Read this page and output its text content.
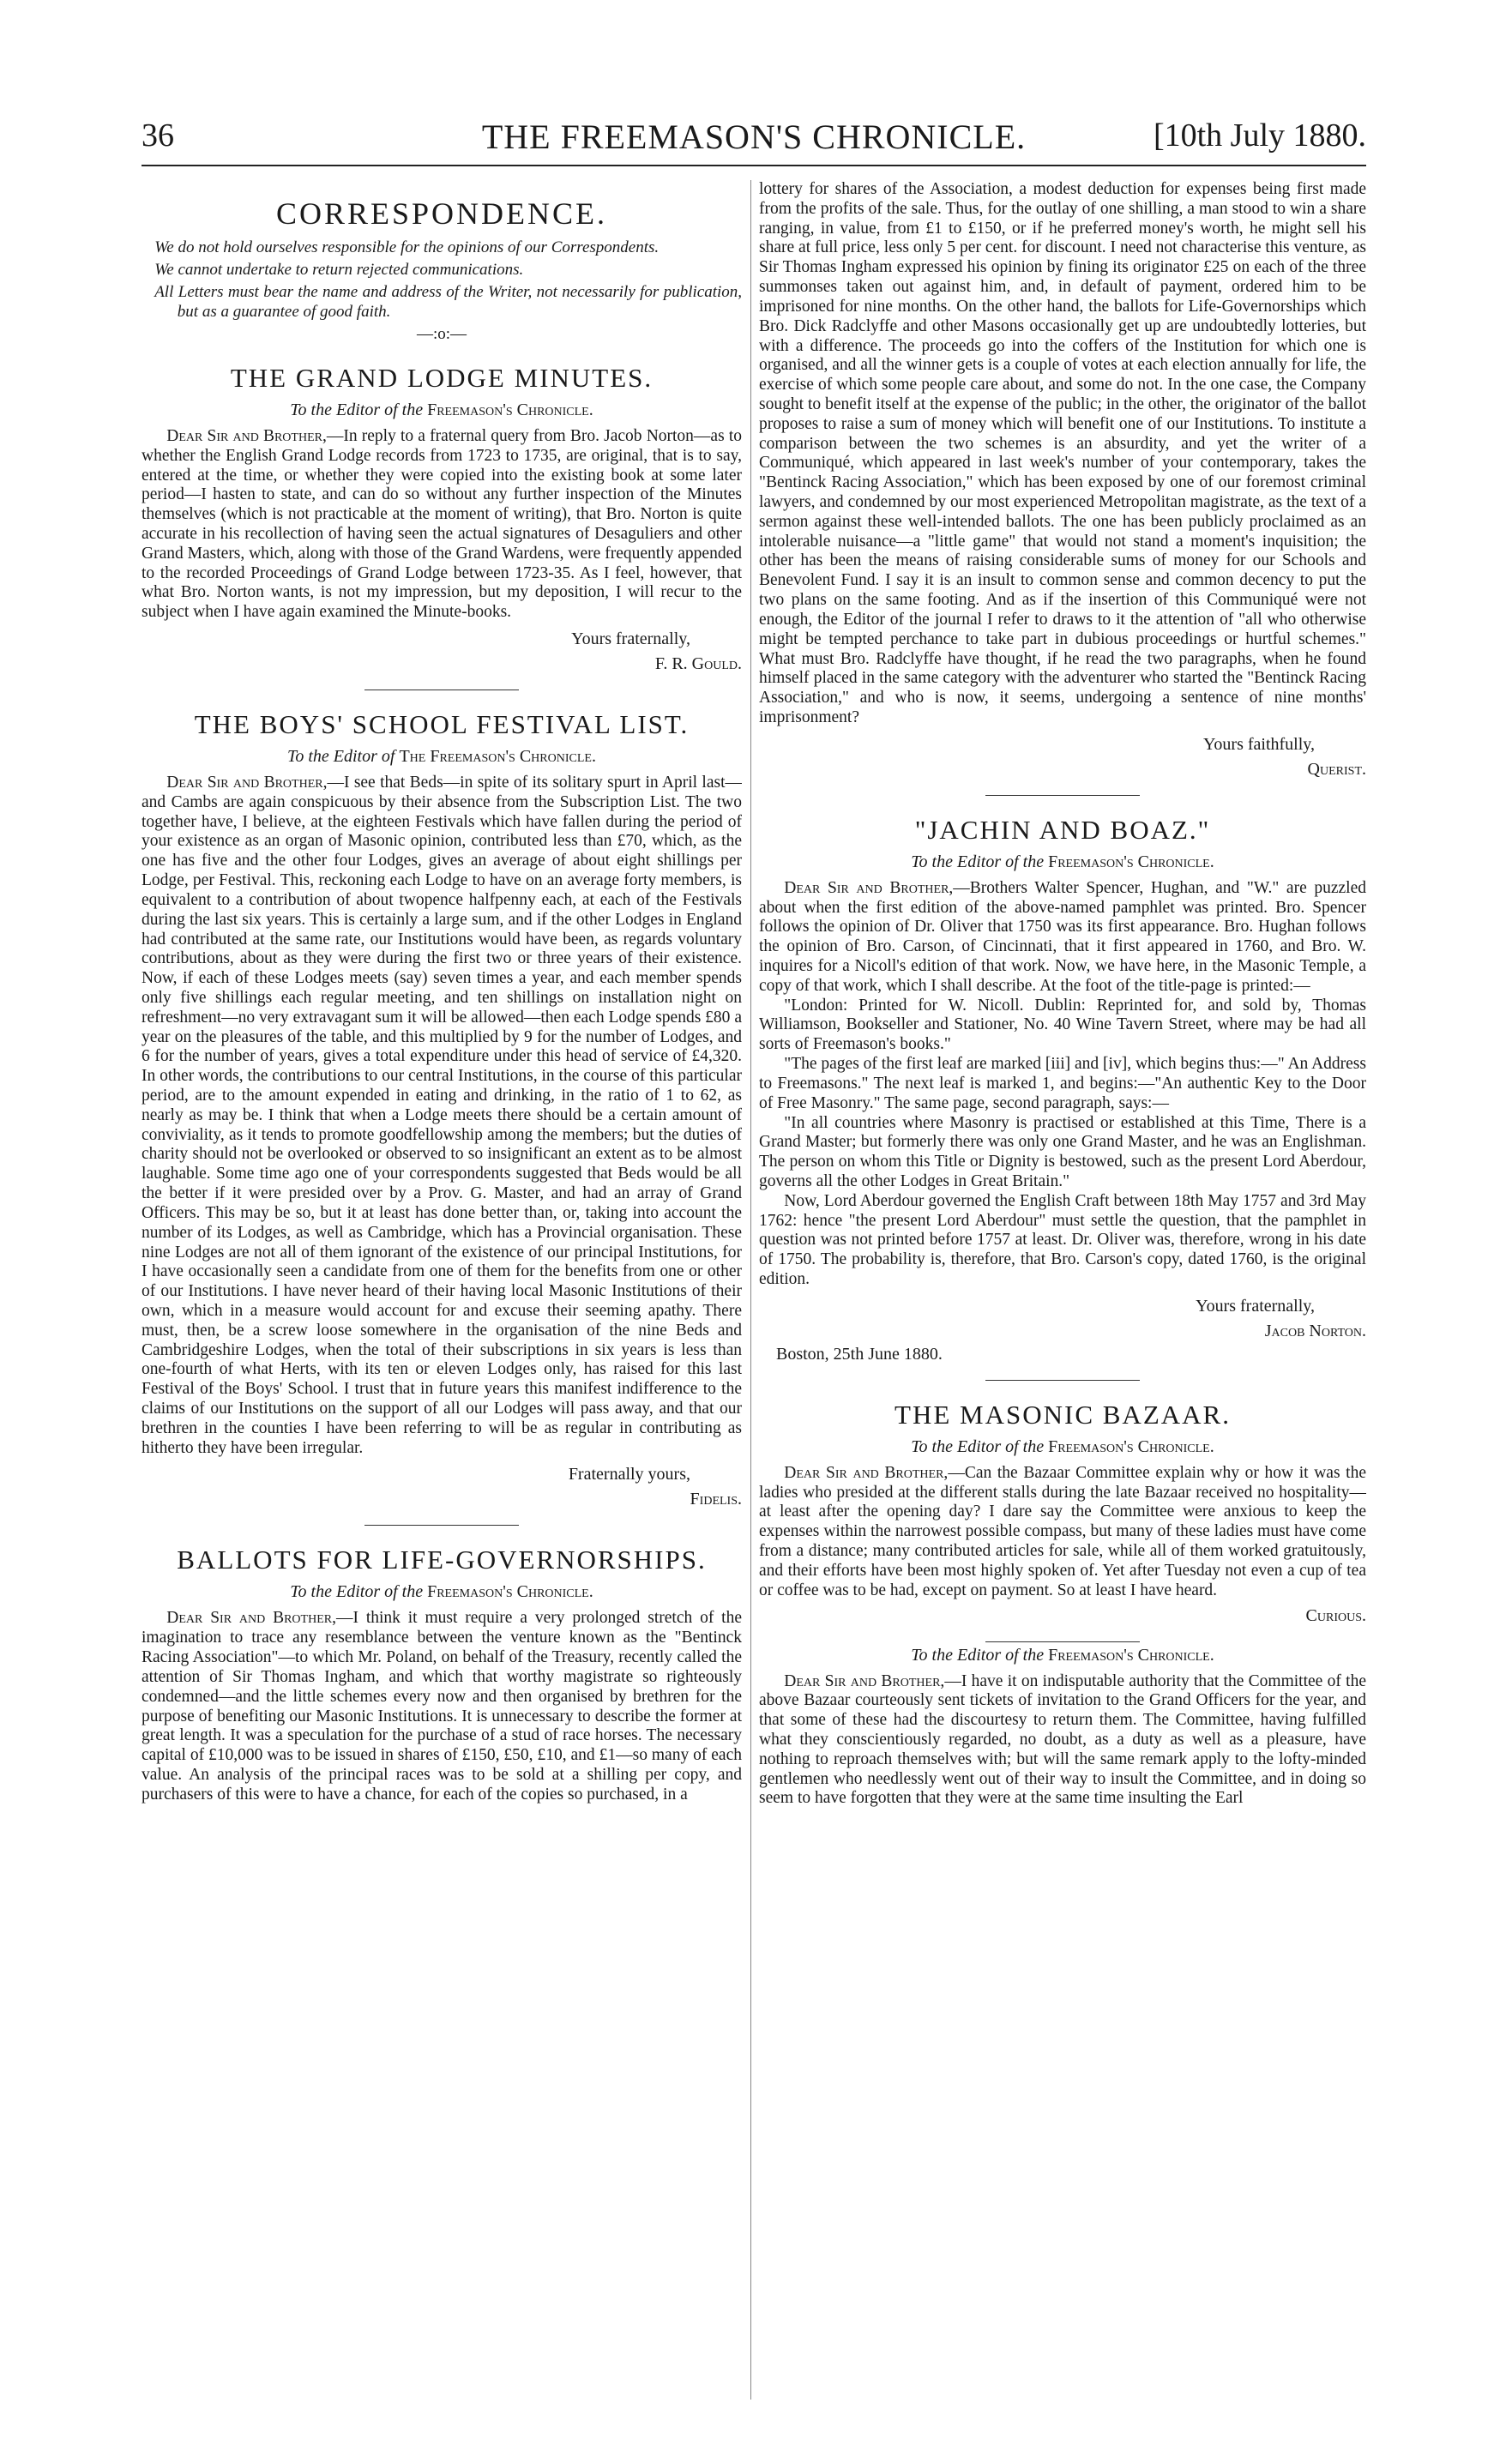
36	THE FREEMASON'S CHRONICLE.	[10th July 1880.
CORRESPONDENCE.

We do not hold ourselves responsible for the opinions of our Correspondents.

We cannot undertake to return rejected communications.

All Letters must bear the name and address of the Writer, not necessarily for publication, but as a guarantee of good faith.

—:o:—
THE GRAND LODGE MINUTES.
To the Editor of the Freemason's Chronicle.

Dear Sir and Brother,—In reply to a fraternal query from Bro. Jacob Norton—as to whether the English Grand Lodge records from 1723 to 1735, are original, that is to say, entered at the time, or whether they were copied into the existing book at some later period—I hasten to state, and can do so without any further inspection of the Minutes themselves (which is not practicable at the moment of writing), that Bro. Norton is quite accurate in his recollection of having seen the actual signatures of Desaguliers and other Grand Masters, which, along with those of the Grand Wardens, were frequently appended to the recorded Proceedings of Grand Lodge between 1723-35. As I feel, however, that what Bro. Norton wants, is not my impression, but my deposition, I will recur to the subject when I have again examined the Minute-books.

Yours fraternally,
F. R. Gould.
THE BOYS' SCHOOL FESTIVAL LIST.
To the Editor of The Freemason's Chronicle.

Dear Sir and Brother,—I see that Beds—in spite of its solitary spurt in April last—and Cambs are again conspicuous by their absence from the Subscription List. The two together have, I believe, at the eighteen Festivals which have fallen during the period of your existence as an organ of Masonic opinion, contributed less than £70, which, as the one has five and the other four Lodges, gives an average of about eight shillings per Lodge, per Festival. This, reckoning each Lodge to have on an average forty members, is equivalent to a contribution of about twopence halfpenny each, at each of the Festivals during the last six years. This is certainly a large sum, and if the other Lodges in England had contributed at the same rate, our Institutions would have been, as regards voluntary contributions, about as they were during the first two or three years of their existence. Now, if each of these Lodges meets (say) seven times a year, and each member spends only five shillings each regular meeting, and ten shillings on installation night on refreshment—no very extravagant sum it will be allowed—then each Lodge spends £80 a year on the pleasures of the table, and this multiplied by 9 for the number of Lodges, and 6 for the number of years, gives a total expenditure under this head of service of £4,320. In other words, the contributions to our central Institutions, in the course of this particular period, are to the amount expended in eating and drinking, in the ratio of 1 to 62, as nearly as may be. I think that when a Lodge meets there should be a certain amount of conviviality, as it tends to promote goodfellowship among the members; but the duties of charity should not be overlooked or observed to so insignificant an extent as to be almost laughable. Some time ago one of your correspondents suggested that Beds would be all the better if it were presided over by a Prov. G. Master, and had an array of Grand Officers. This may be so, but it at least has done better than, or, taking into account the number of its Lodges, as well as Cambridge, which has a Provincial organisation. These nine Lodges are not all of them ignorant of the existence of our principal Institutions, for I have occasionally seen a candidate from one of them for the benefits from one or other of our Institutions. I have never heard of their having local Masonic Institutions of their own, which in a measure would account for and excuse their seeming apathy. There must, then, be a screw loose somewhere in the organisation of the nine Beds and Cambridgeshire Lodges, when the total of their subscriptions in six years is less than one-fourth of what Herts, with its ten or eleven Lodges only, has raised for this last Festival of the Boys' School. I trust that in future years this manifest indifference to the claims of our Institutions on the support of all our Lodges will pass away, and that our brethren in the counties I have been referring to will be as regular in contributing as hitherto they have been irregular.

Fraternally yours,
Fidelis.
BALLOTS FOR LIFE-GOVERNORSHIPS.
To the Editor of the Freemason's Chronicle.

Dear Sir and Brother,—I think it must require a very prolonged stretch of the imagination to trace any resemblance between the venture known as the "Bentinck Racing Association"—to which Mr. Poland, on behalf of the Treasury, recently called the attention of Sir Thomas Ingham, and which that worthy magistrate so righteously condemned—and the little schemes every now and then organised by brethren for the purpose of benefiting our Masonic Institutions. It is unnecessary to describe the former at great length. It was a speculation for the purchase of a stud of race horses. The necessary capital of £10,000 was to be issued in shares of £150, £50, £10, and £1—so many of each value. An analysis of the principal races was to be sold at a shilling per copy, and purchasers of this were to have a chance, for each of the copies so purchased, in a

lottery for shares of the Association, a modest deduction for expenses being first made from the profits of the sale. Thus, for the outlay of one shilling, a man stood to win a share ranging, in value, from £1 to £150, or if he preferred money's worth, he might sell his share at full price, less only 5 per cent. for discount. I need not characterise this venture, as Sir Thomas Ingham expressed his opinion by fining its originator £25 on each of the three summonses taken out against him, and, in default of payment, ordered him to be imprisoned for nine months. On the other hand, the ballots for Life-Governorships which Bro. Dick Radclyffe and other Masons occasionally get up are undoubtedly lotteries, but with a difference. The proceeds go into the coffers of the Institution for which one is organised, and all the winner gets is a couple of votes at each election annually for life, the exercise of which some people care about, and some do not. In the one case, the Company sought to benefit itself at the expense of the public; in the other, the originator of the ballot proposes to raise a sum of money which will benefit one of our Institutions. To institute a comparison between the two schemes is an absurdity, and yet the writer of a Communiqué, which appeared in last week's number of your contemporary, takes the "Bentinck Racing Association," which has been exposed by one of our foremost criminal lawyers, and condemned by our most experienced Metropolitan magistrate, as the text of a sermon against these well-intended ballots. The one has been publicly proclaimed as an intolerable nuisance—a "little game" that would not stand a moment's inquisition; the other has been the means of raising considerable sums of money for our Schools and Benevolent Fund. I say it is an insult to common sense and common decency to put the two plans on the same footing. And as if the insertion of this Communiqué were not enough, the Editor of the journal I refer to draws to it the attention of "all who otherwise might be tempted perchance to take part in dubious proceedings or hurtful schemes." What must Bro. Radclyffe have thought, if he read the two paragraphs, when he found himself placed in the same category with the adventurer who started the "Bentinck Racing Association," and who is now, it seems, undergoing a sentence of nine months' imprisonment?

Yours faithfully,
Querist.
"JACHIN AND BOAZ."
To the Editor of the Freemason's Chronicle.

Dear Sir and Brother,—Brothers Walter Spencer, Hughan, and "W." are puzzled about when the first edition of the above-named pamphlet was printed. Bro. Spencer follows the opinion of Dr. Oliver that 1750 was its first appearance. Bro. Hughan follows the opinion of Bro. Carson, of Cincinnati, that it first appeared in 1760, and Bro. W. inquires for a Nicoll's edition of that work. Now, we have here, in the Masonic Temple, a copy of that work, which I shall describe. At the foot of the title-page is printed:—

"London: Printed for W. Nicoll. Dublin: Reprinted for, and sold by, Thomas Williamson, Bookseller and Stationer, No. 40 Wine Tavern Street, where may be had all sorts of Freemason's books."

"The pages of the first leaf are marked [iii] and [iv], which begins thus:—" An Address to Freemasons." The next leaf is marked 1, and begins:—"An authentic Key to the Door of Free Masonry." The same page, second paragraph, says:—

"In all countries where Masonry is practised or established at this Time, There is a Grand Master; but formerly there was only one Grand Master, and he was an Englishman. The person on whom this Title or Dignity is bestowed, such as the present Lord Aberdour, governs all the other Lodges in Great Britain."

Now, Lord Aberdour governed the English Craft between 18th May 1757 and 3rd May 1762: hence "the present Lord Aberdour" must settle the question, that the pamphlet in question was not printed before 1757 at least. Dr. Oliver was, therefore, wrong in his date of 1750. The probability is, therefore, that Bro. Carson's copy, dated 1760, is the original edition.

Yours fraternally,
Jacob Norton.
Boston, 25th June 1880.
THE MASONIC BAZAAR.
To the Editor of the Freemason's Chronicle.

Dear Sir and Brother,—Can the Bazaar Committee explain why or how it was the ladies who presided at the different stalls during the late Bazaar received no hospitality—at least after the opening day? I dare say the Committee were anxious to keep the expenses within the narrowest possible compass, but many of these ladies must have come from a distance; many contributed articles for sale, while all of them worked gratuitously, and their efforts have been most highly spoken of. Yet after Tuesday not even a cup of tea or coffee was to be had, except on payment. So at least I have heard.

Curious.
To the Editor of the Freemason's Chronicle.

Dear Sir and Brother,—I have it on indisputable authority that the Committee of the above Bazaar courteously sent tickets of invitation to the Grand Officers for the year, and that some of these had the discourtesy to return them. The Committee, having fulfilled what they conscientiously regarded, no doubt, as a duty as well as a pleasure, have nothing to reproach themselves with; but will the same remark apply to the lofty-minded gentlemen who needlessly went out of their way to insult the Committee, and in doing so seem to have forgotten that they were at the same time insulting the Earl
